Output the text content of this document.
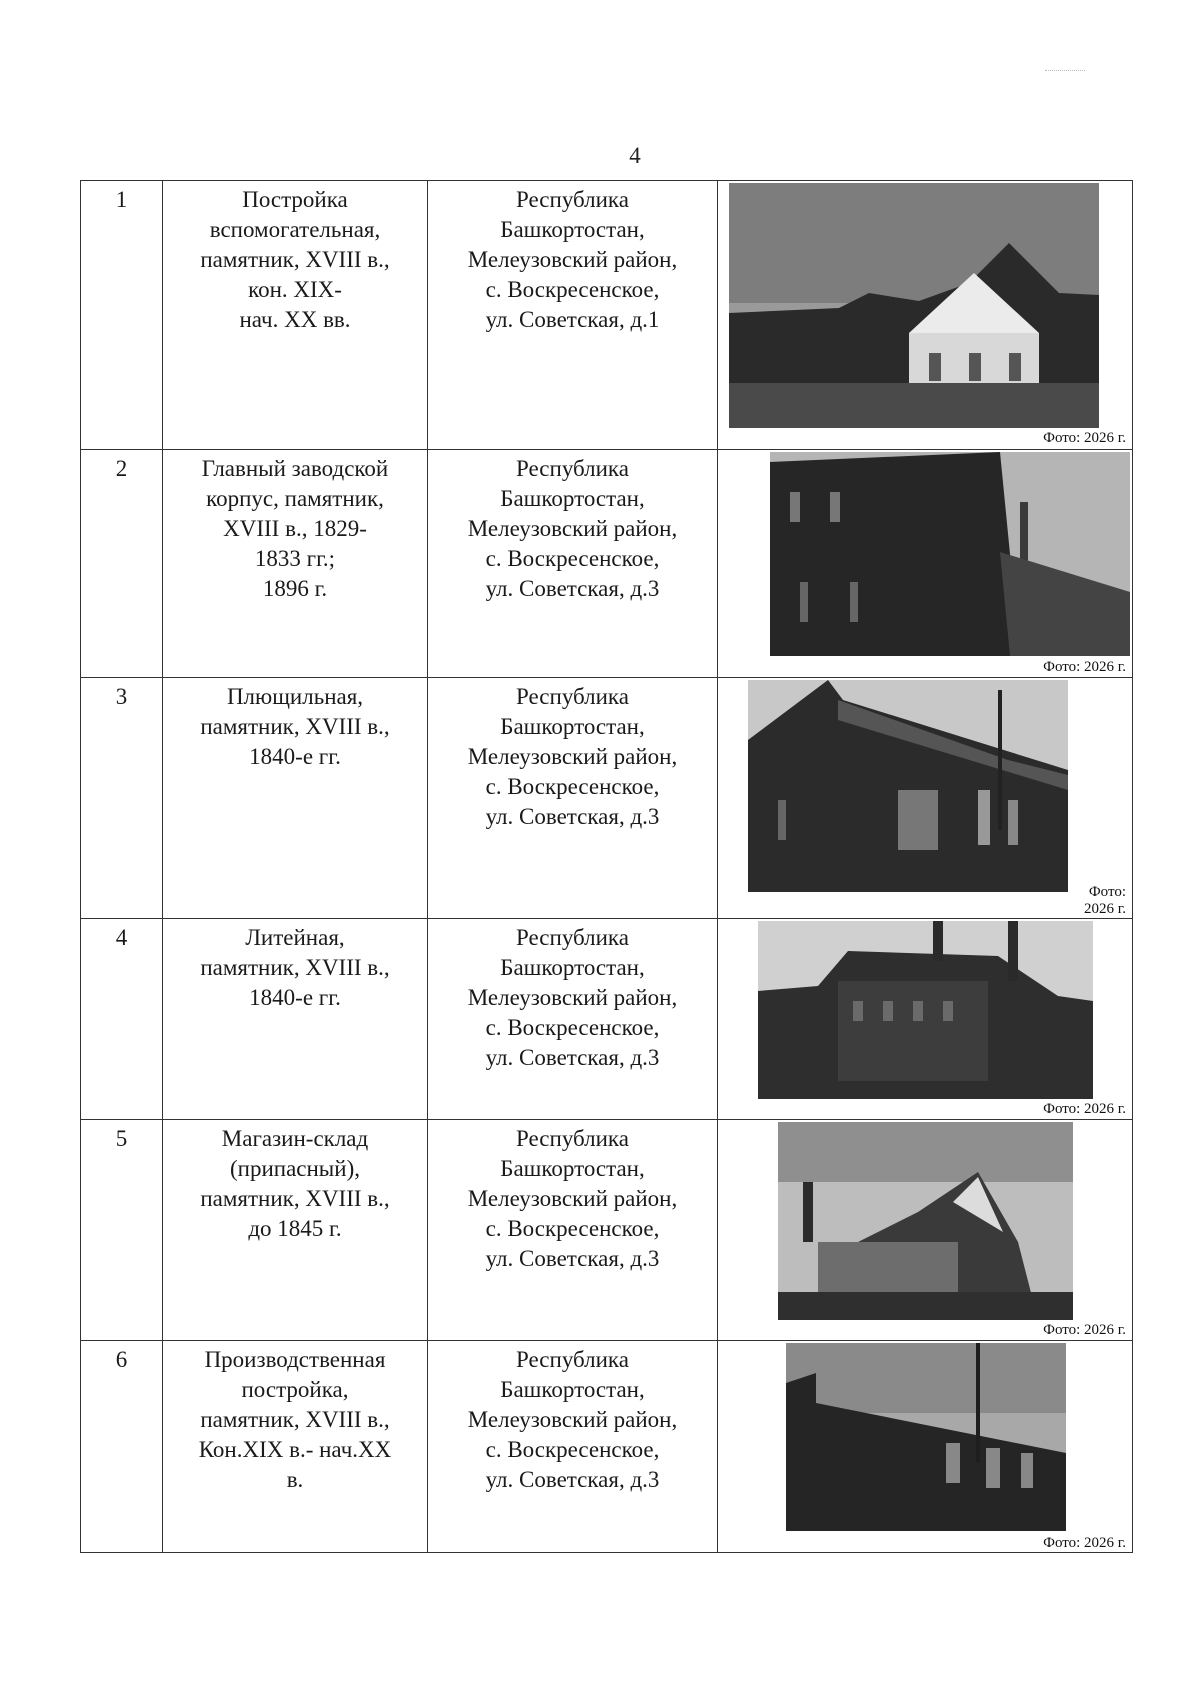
4
1	Постройка
вспомогательная,
памятник, XVIII в.,
кон. XIX-
нач. XX вв.	Республика
Башкортостан,
Мелеузовский район,
с. Воскресенское,
ул. Советская, д.1	Фото: 2026 г.

2	Главный заводской
корпус, памятник,
XVIII в., 1829-
1833 гг.;
1896 г.	Республика
Башкортостан,
Мелеузовский район,
с. Воскресенское,
ул. Советская, д.3	Фото: 2026 г.

3	Плющильная,
памятник, XVIII в.,
1840-е гг.	Республика
Башкортостан,
Мелеузовский район,
с. Воскресенское,
ул. Советская, д.3	Фото:
2026 г.

4	Литейная,
памятник, XVIII в.,
1840-е гг.	Республика
Башкортостан,
Мелеузовский район,
с. Воскресенское,
ул. Советская, д.3	Фото: 2026 г.

5	Магазин-склад
(припасный),
памятник, XVIII в.,
до 1845 г.	Республика
Башкортостан,
Мелеузовский район,
с. Воскресенское,
ул. Советская, д.3	Фото: 2026 г.

6	Производственная
постройка,
памятник, XVIII в.,
Кон.XIX в.- нач.XX
в.	Республика
Башкортостан,
Мелеузовский район,
с. Воскресенское,
ул. Советская, д.3	Фото: 2026 г.
